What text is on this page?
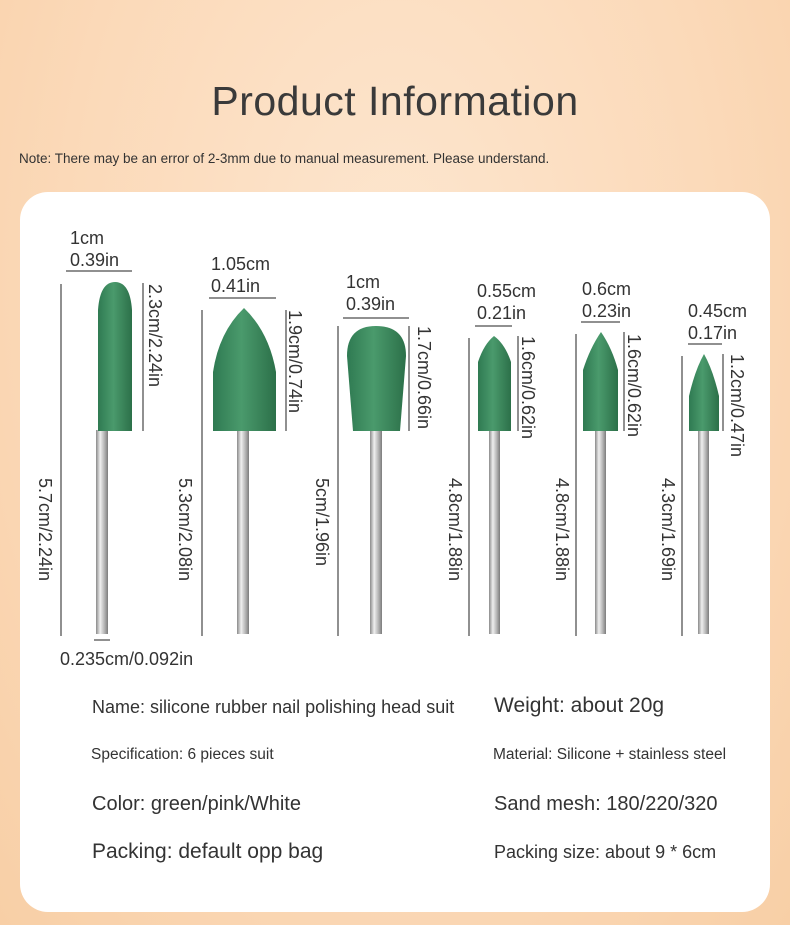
Product Information
Note: There may be an error of 2-3mm due to manual measurement. Please understand.
1cm
0.39in
2.3cm/2.24in
5.7cm/2.24in
1.05cm
0.41in
1.9cm/0.74in
5.3cm/2.08in
1cm
0.39in
1.7cm/0.66in
5cm/1.96in
0.55cm
0.21in
1.6cm/0.62in
4.8cm/1.88in
0.6cm
0.23in
1.6cm/0.62in
4.8cm/1.88in
0.45cm
0.17in
1.2cm/0.47in
4.3cm/1.69in
0.235cm/0.092in
Name: silicone rubber nail polishing head suit Weight: about 20g
Specification: 6 pieces suit	Material: Silicone + stainless steel
Color: green/pink/White	Sand mesh: 180/220/320
Packing: default opp bag	Packing size: about 9 * 6cm
